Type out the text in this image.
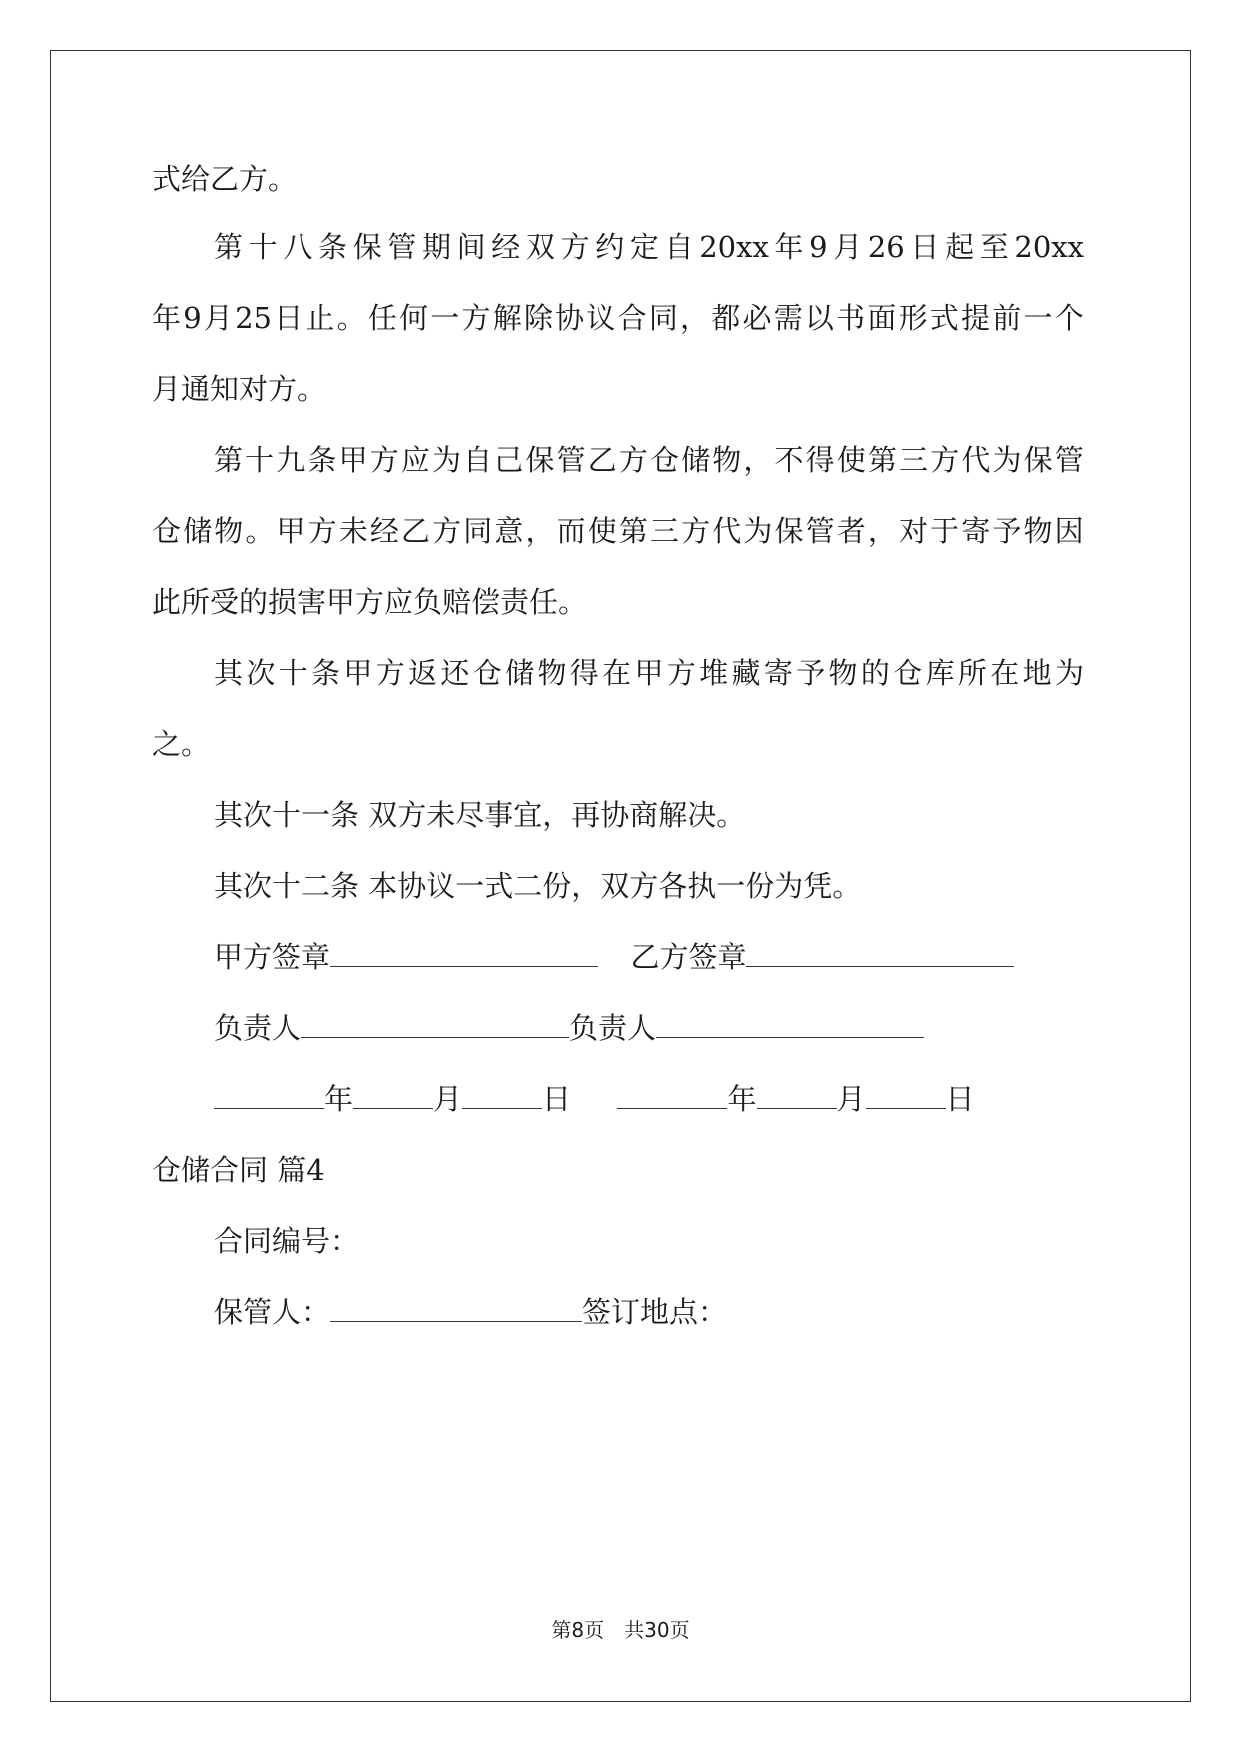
式给乙方。
第 十 八 条 保 管 期 间 经 双 方 约 定 自 20xx 年 9 月 26 日 起 至 20xx
年 9 月 25 日 止 。 任 何 一 方 解 除 协 议 合 同 ， 都 必 需 以 书 面 形 式 提 前 一 个
月通知对方。
第 十 九 条 甲 方 应 为 自 己 保 管 乙 方 仓 储 物 ， 不 得 使 第 三 方 代 为 保 管
仓 储 物 。 甲 方 未 经 乙 方 同 意 ， 而 使 第 三 方 代 为 保 管 者 ， 对 于 寄 予 物 因
此所受的损害甲方应负赔偿责任。
其 次 十 条 甲 方 返 还 仓 储 物 得 在 甲 方 堆 藏 寄 予 物 的 仓 库 所 在 地 为
之。
其次十一条 双方未尽事宜，再协商解决。
其次十二条 本协议一式二份，双方各执一份为凭。
甲方签章	乙方签章
负责人	负责人
年	月	日	年	月	日
仓储合同 篇4
合同编号：
保管人：	签订地点：
第8页　共30页
